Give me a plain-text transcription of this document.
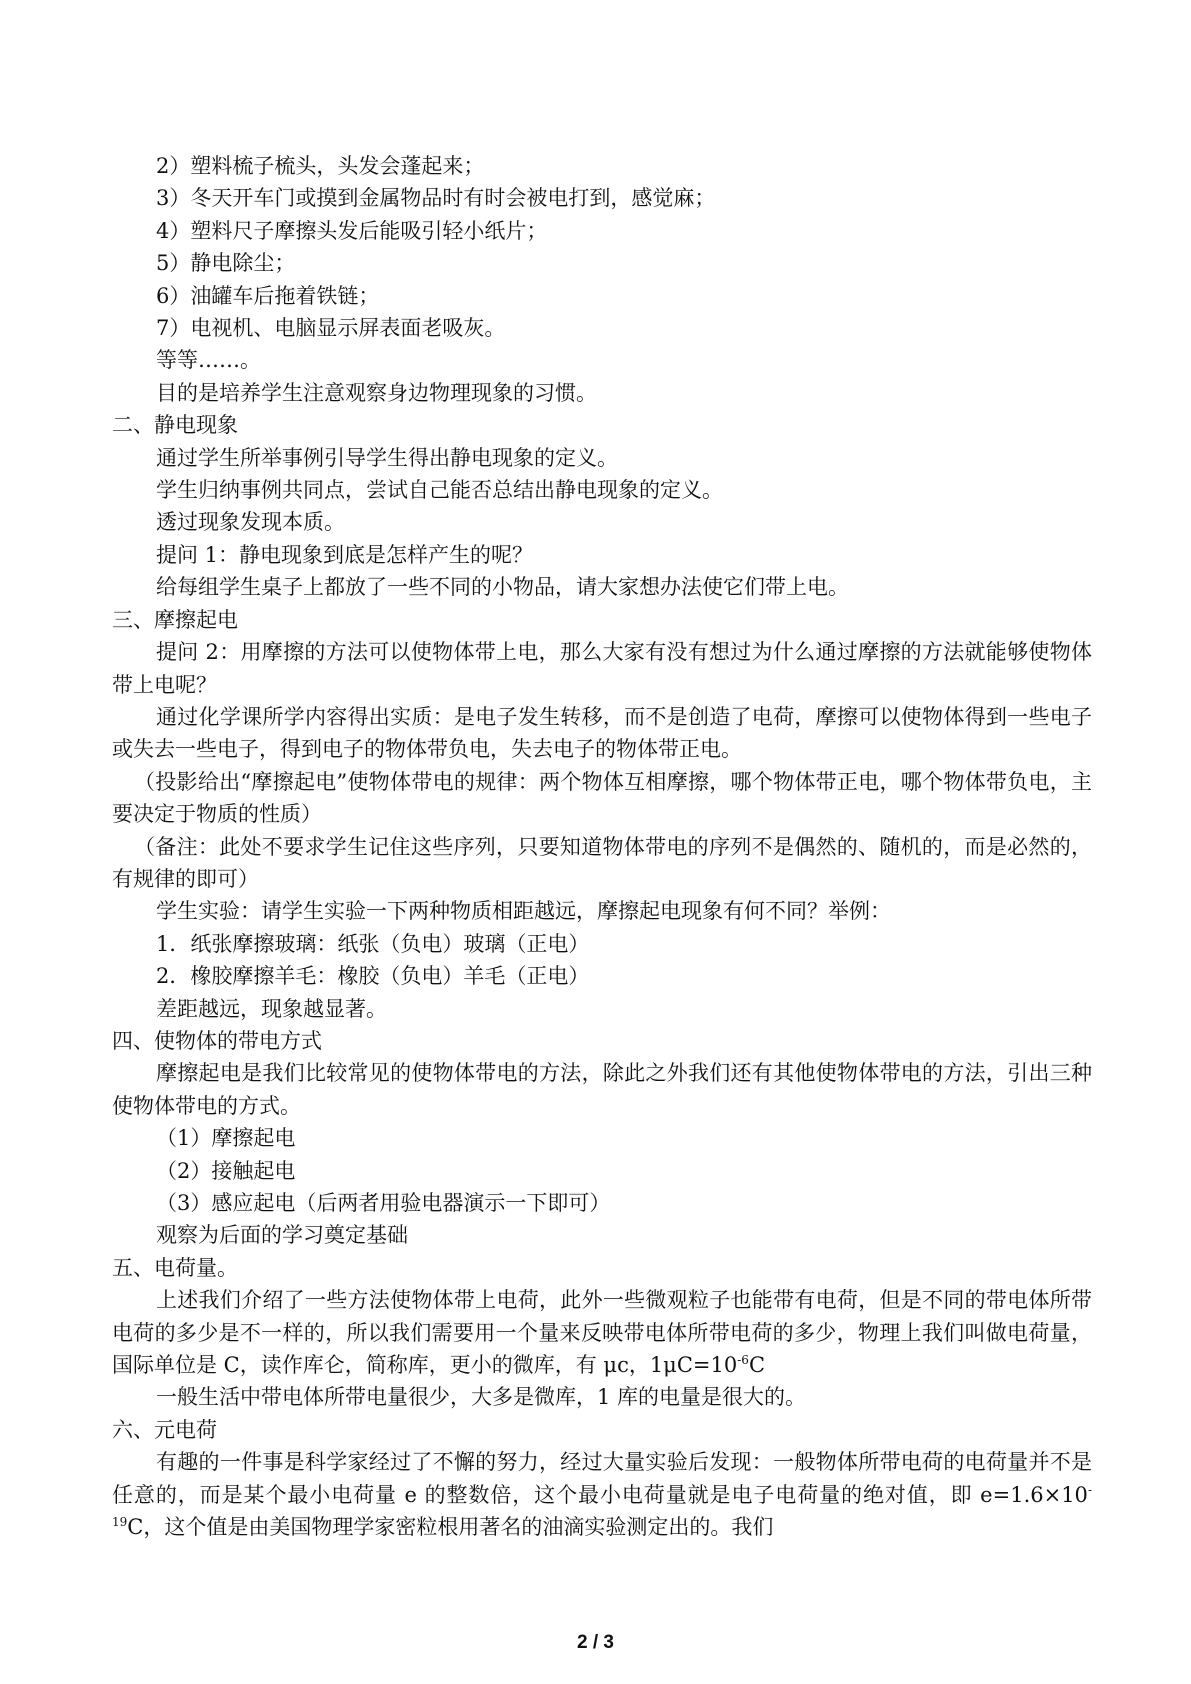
2）塑料梳子梳头，头发会蓬起来；

3）冬天开车门或摸到金属物品时有时会被电打到，感觉麻；

4）塑料尺子摩擦头发后能吸引轻小纸片；

5）静电除尘；

6）油罐车后拖着铁链；

7）电视机、电脑显示屏表面老吸灰。

等等……。

目的是培养学生注意观察身边物理现象的习惯。

二、静电现象

通过学生所举事例引导学生得出静电现象的定义。

学生归纳事例共同点，尝试自己能否总结出静电现象的定义。

透过现象发现本质。

提问 1：静电现象到底是怎样产生的呢？

给每组学生桌子上都放了一些不同的小物品，请大家想办法使它们带上电。

三、摩擦起电

提问 2：用摩擦的方法可以使物体带上电，那么大家有没有想过为什么通过摩擦的方法就能够使物体带上电呢？

通过化学课所学内容得出实质：是电子发生转移，而不是创造了电荷，摩擦可以使物体得到一些电子或失去一些电子，得到电子的物体带负电，失去电子的物体带正电。

（投影给出“摩擦起电”使物体带电的规律：两个物体互相摩擦，哪个物体带正电，哪个物体带负电，主要决定于物质的性质）

（备注：此处不要求学生记住这些序列，只要知道物体带电的序列不是偶然的、随机的，而是必然的，有规律的即可）

学生实验：请学生实验一下两种物质相距越远，摩擦起电现象有何不同？举例：

1．纸张摩擦玻璃：纸张（负电）玻璃（正电）

2．橡胶摩擦羊毛：橡胶（负电）羊毛（正电）

差距越远，现象越显著。

四、使物体的带电方式

摩擦起电是我们比较常见的使物体带电的方法，除此之外我们还有其他使物体带电的方法，引出三种使物体带电的方式。

（1）摩擦起电

（2）接触起电

（3）感应起电（后两者用验电器演示一下即可）

观察为后面的学习奠定基础

五、电荷量。

上述我们介绍了一些方法使物体带上电荷，此外一些微观粒子也能带有电荷，但是不同的带电体所带电荷的多少是不一样的，所以我们需要用一个量来反映带电体所带电荷的多少，物理上我们叫做电荷量，国际单位是 C，读作库仑，简称库，更小的微库，有 μc，$1\mu C=10^{-6}C$

一般生活中带电体所带电量很少，大多是微库，1 库的电量是很大的。

六、元电荷

有趣的一件事是科学家经过了不懈的努力，经过大量实验后发现：一般物体所带电荷的电荷量并不是任意的，而是某个最小电荷量 e 的整数倍，这个最小电荷量就是电子电荷量的绝对值，即 $e=1.6\times 10^{-19}C$，这个值是由美国物理学家密粒根用著名的油滴实验测定出的。我们

2 / 3
